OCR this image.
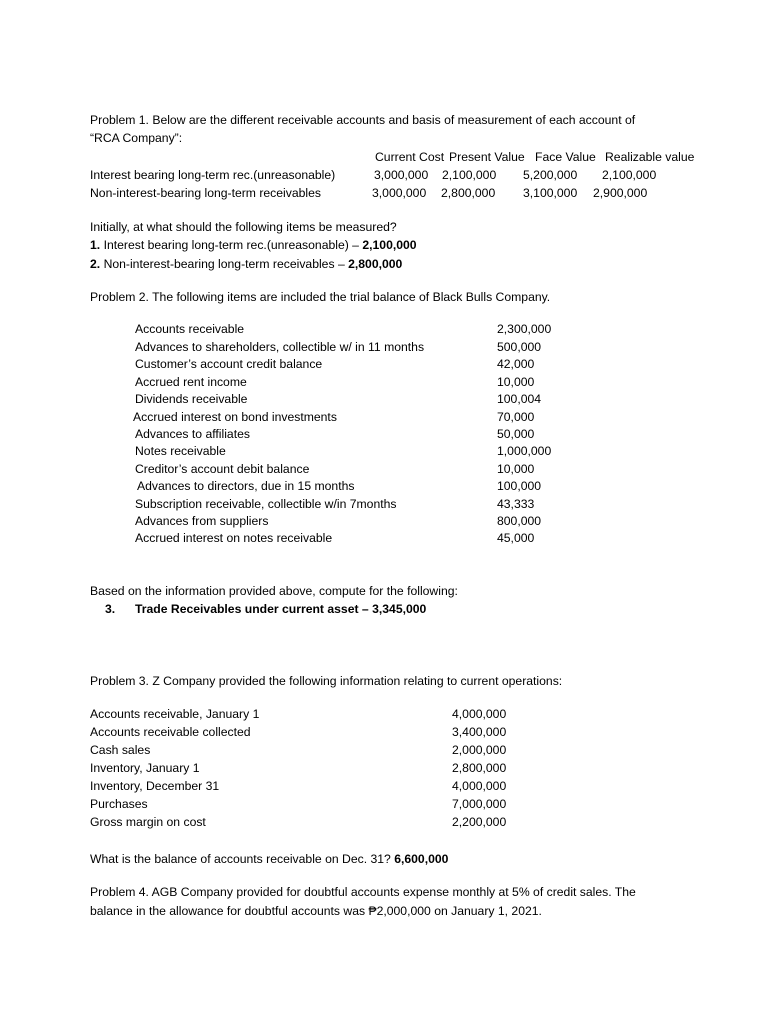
Problem 1. Below are the different receivable accounts and basis of measurement of each account of
“RCA Company”:
Current Cost Present Value Face Value Realizable value
Interest bearing long-term rec.(unreasonable)	3,000,000 2,100,000 5,200,000 2,100,000
Non-interest-bearing long-term receivables	3,000,000 2,800,000 3,100,000 2,900,000
Initially, at what should the following items be measured?
1. Interest bearing long-term rec.(unreasonable) – 2,100,000
2. Non-interest-bearing long-term receivables – 2,800,000
Problem 2. The following items are included the trial balance of Black Bulls Company.
Accounts receivable	2,300,000
Advances to shareholders, collectible w/ in 11 months	500,000
Customer’s account credit balance	42,000
Accrued rent income	10,000
Dividends receivable	100,004
Accrued interest on bond investments	70,000
Advances to affiliates	50,000
Notes receivable	1,000,000
Creditor’s account debit balance	10,000
Advances to directors, due in 15 months	100,000
Subscription receivable, collectible w/in 7months	43,333
Advances from suppliers	800,000
Accrued interest on notes receivable	45,000
Based on the information provided above, compute for the following:
3. Trade Receivables under current asset – 3,345,000
Problem 3. Z Company provided the following information relating to current operations:
Accounts receivable, January 1	4,000,000
Accounts receivable collected	3,400,000
Cash sales	2,000,000
Inventory, January 1	2,800,000
Inventory, December 31	4,000,000
Purchases	7,000,000
Gross margin on cost	2,200,000
What is the balance of accounts receivable on Dec. 31? 6,600,000
Problem 4. AGB Company provided for doubtful accounts expense monthly at 5% of credit sales. The
balance in the allowance for doubtful accounts was ₱2,000,000 on January 1, 2021.
